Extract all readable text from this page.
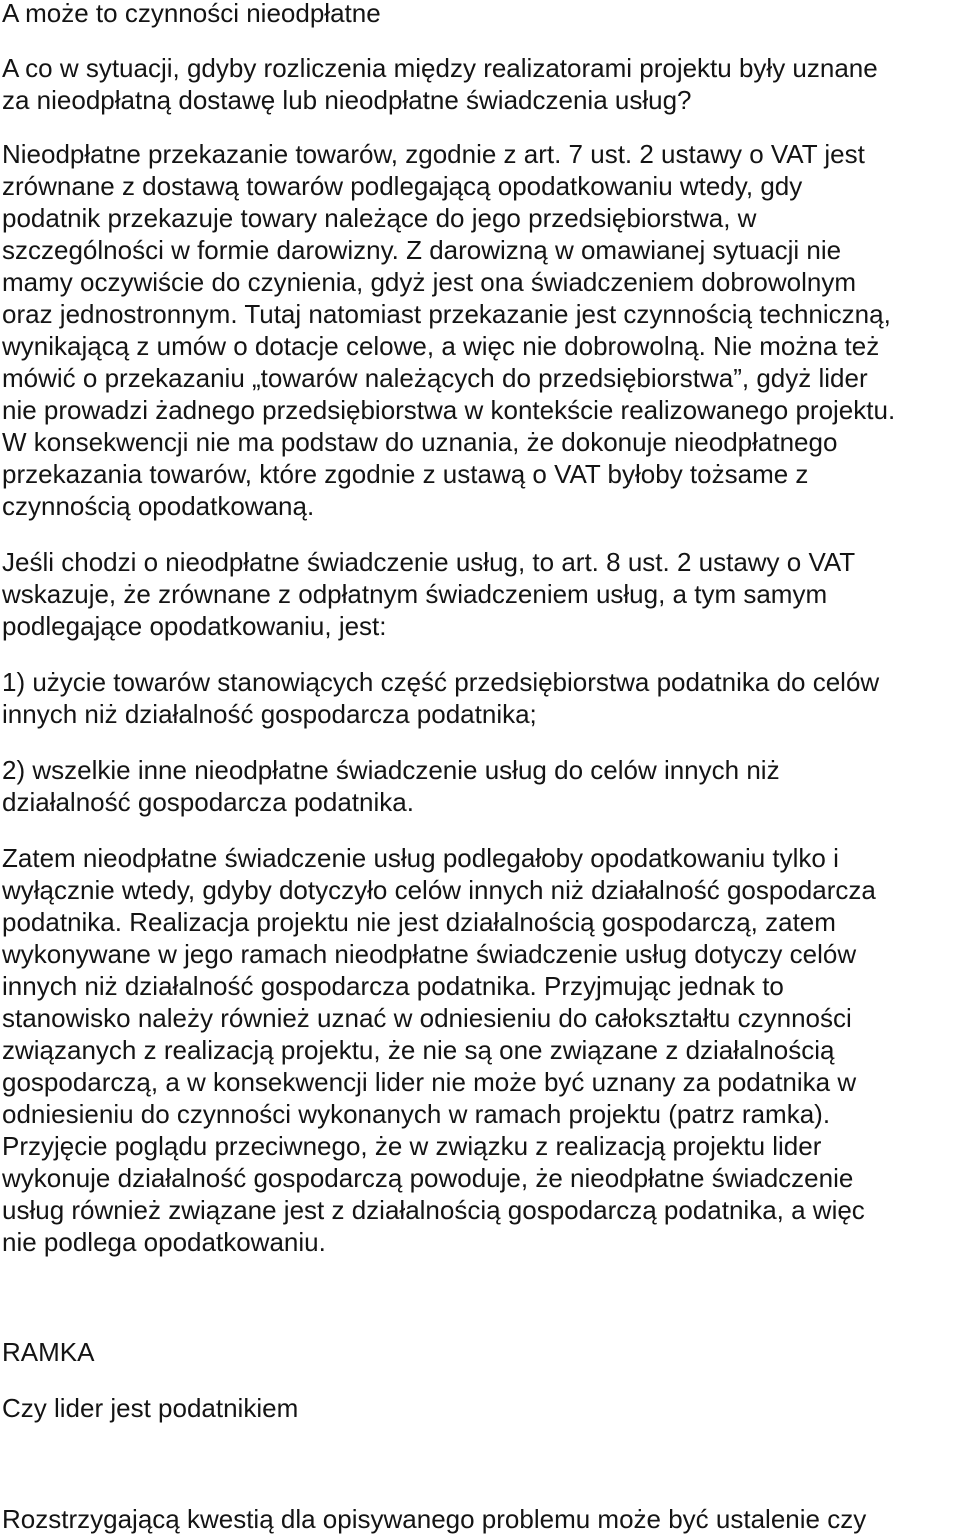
A może to czynności nieodpłatne
A co w sytuacji, gdyby rozliczenia między realizatorami projektu były uznane
za nieodpłatną dostawę lub nieodpłatne świadczenia usług?
Nieodpłatne przekazanie towarów, zgodnie z art. 7 ust. 2 ustawy o VAT jest
zrównane z dostawą towarów podlegającą opodatkowaniu wtedy, gdy
podatnik przekazuje towary należące do jego przedsiębiorstwa, w
szczególności w formie darowizny. Z darowizną w omawianej sytuacji nie
mamy oczywiście do czynienia, gdyż jest ona świadczeniem dobrowolnym
oraz jednostronnym. Tutaj natomiast przekazanie jest czynnością techniczną,
wynikającą z umów o dotacje celowe, a więc nie dobrowolną. Nie można też
mówić o przekazaniu „towarów należących do przedsiębiorstwa”, gdyż lider
nie prowadzi żadnego przedsiębiorstwa w kontekście realizowanego projektu.
W konsekwencji nie ma podstaw do uznania, że dokonuje nieodpłatnego
przekazania towarów, które zgodnie z ustawą o VAT byłoby tożsame z
czynnością opodatkowaną.
Jeśli chodzi o nieodpłatne świadczenie usług, to art. 8 ust. 2 ustawy o VAT
wskazuje, że zrównane z odpłatnym świadczeniem usług, a tym samym
podlegające opodatkowaniu, jest:
1) użycie towarów stanowiących część przedsiębiorstwa podatnika do celów
innych niż działalność gospodarcza podatnika;
2) wszelkie inne nieodpłatne świadczenie usług do celów innych niż
działalność gospodarcza podatnika.
Zatem nieodpłatne świadczenie usług podlegałoby opodatkowaniu tylko i
wyłącznie wtedy, gdyby dotyczyło celów innych niż działalność gospodarcza
podatnika. Realizacja projektu nie jest działalnością gospodarczą, zatem
wykonywane w jego ramach nieodpłatne świadczenie usług dotyczy celów
innych niż działalność gospodarcza podatnika. Przyjmując jednak to
stanowisko należy również uznać w odniesieniu do całokształtu czynności
związanych z realizacją projektu, że nie są one związane z działalnością
gospodarczą, a w konsekwencji lider nie może być uznany za podatnika w
odniesieniu do czynności wykonanych w ramach projektu (patrz ramka).
Przyjęcie poglądu przeciwnego, że w związku z realizacją projektu lider
wykonuje działalność gospodarczą powoduje, że nieodpłatne świadczenie
usług również związane jest z działalnością gospodarczą podatnika, a więc
nie podlega opodatkowaniu.
RAMKA
Czy lider jest podatnikiem
Rozstrzygającą kwestią dla opisywanego problemu może być ustalenie czy
